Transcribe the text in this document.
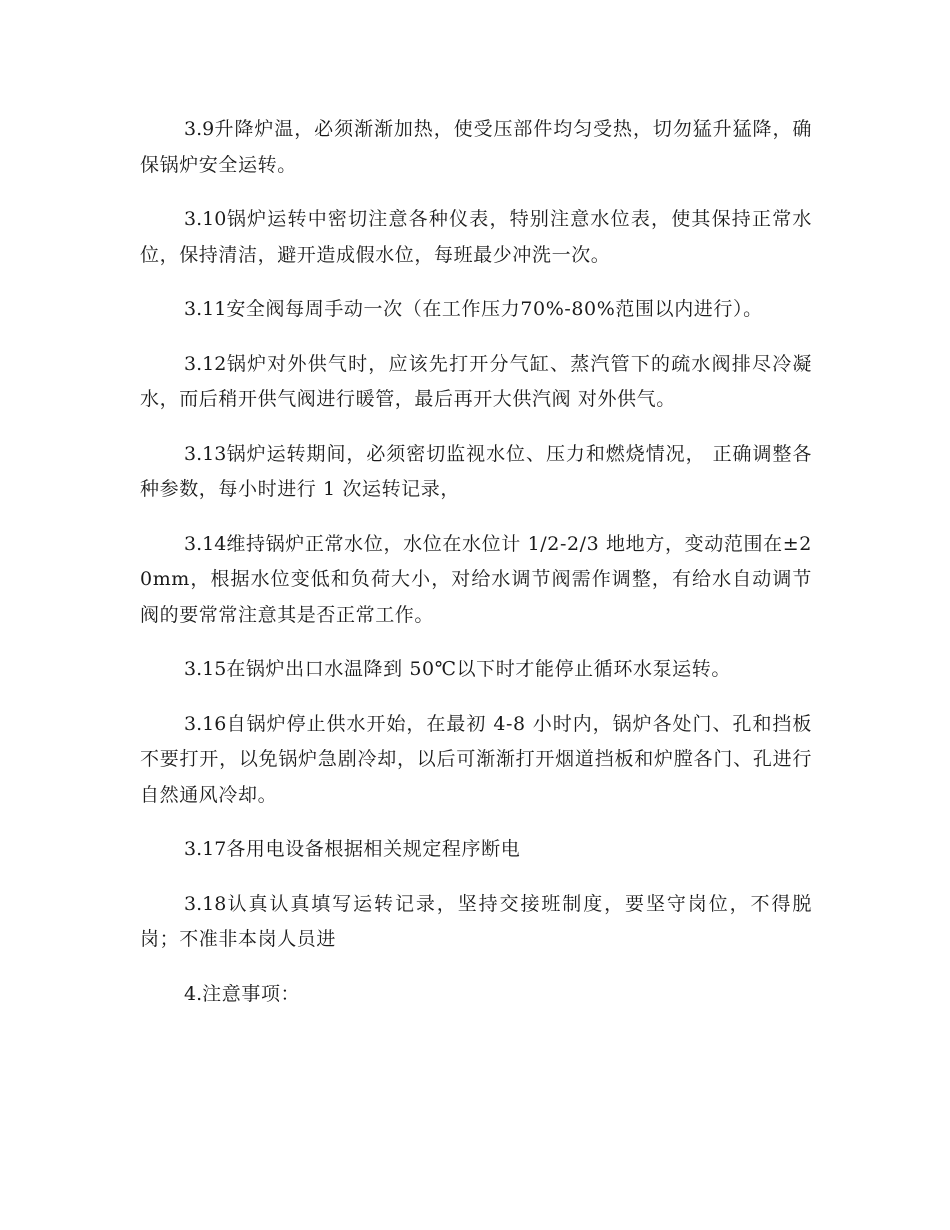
3.9升降炉温，必须渐渐加热，使受压部件均匀受热，切勿猛升猛降，确保锅炉安全运转。

3.10锅炉运转中密切注意各种仪表，特别注意水位表，使其保持正常水位，保持清洁，避开造成假水位，每班最少冲洗一次。

3.11安全阀每周手动一次（在工作压力70%-80%范围以内进行）。

3.12锅炉对外供气时，应该先打开分气缸、蒸汽管下的疏水阀排尽冷凝水，而后稍开供气阀进行暖管，最后再开大供汽阀 对外供气。

3.13锅炉运转期间，必须密切监视水位、压力和燃烧情况， 正确调整各种参数，每小时进行 1 次运转记录，

3.14维持锅炉正常水位，水位在水位计 1/2-2/3 地地方，变动范围在±20mm，根据水位变低和负荷大小，对给水调节阀需作调整，有给水自动调节阀的要常常注意其是否正常工作。

3.15在锅炉出口水温降到 50℃以下时才能停止循环水泵运转。

3.16自锅炉停止供水开始，在最初 4-8 小时内，锅炉各处门、孔和挡板不要打开，以免锅炉急剧冷却，以后可渐渐打开烟道挡板和炉膛各门、孔进行自然通风冷却。

3.17各用电设备根据相关规定程序断电

3.18认真认真填写运转记录，坚持交接班制度，要坚守岗位，不得脱岗；不准非本岗人员进

4.注意事项：
